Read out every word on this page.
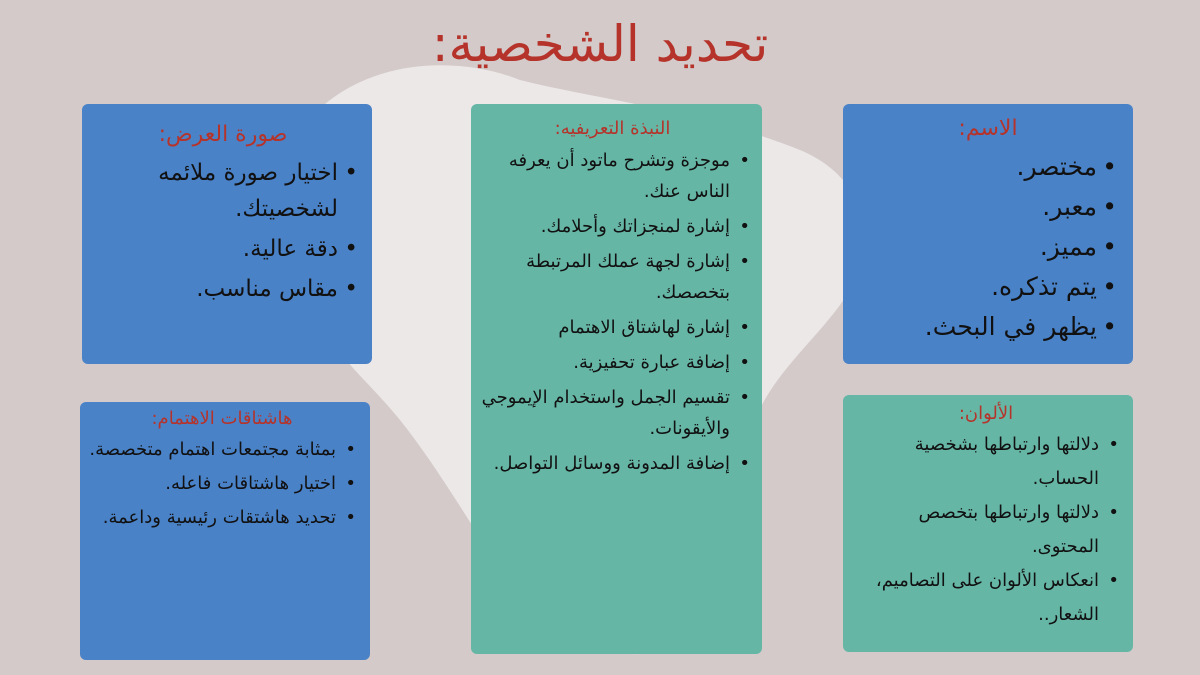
تحديد الشخصية:
الاسم:
• مختصر.
• معبر.
• مميز.
• يتم تذكره.
• يظهر في البحث.
النبذة التعريفيه:
• موجزة وتشرح ماتود أن يعرفه الناس عنك.
• إشارة لمنجزاتك وأحلامك.
• إشارة لجهة عملك المرتبطة بتخصصك.
• إشارة لهاشتاق الاهتمام
• إضافة عبارة تحفيزية.
• تقسيم الجمل واستخدام الإيموجي والأيقونات.
• إضافة المدونة ووسائل التواصل.
صورة العرض:
• اختيار صورة ملائمه لشخصيتك.
• دقة عالية.
• مقاس مناسب.
الألوان:
• دلالتها وارتباطها بشخصية الحساب.
• دلالتها وارتباطها بتخصص المحتوى.
• انعكاس الألوان على التصاميم، الشعار..
هاشتاقات الاهتمام:
• بمثابة مجتمعات اهتمام متخصصة.
• اختيار هاشتاقات فاعله.
• تحديد هاشتقات رئيسية وداعمة.
